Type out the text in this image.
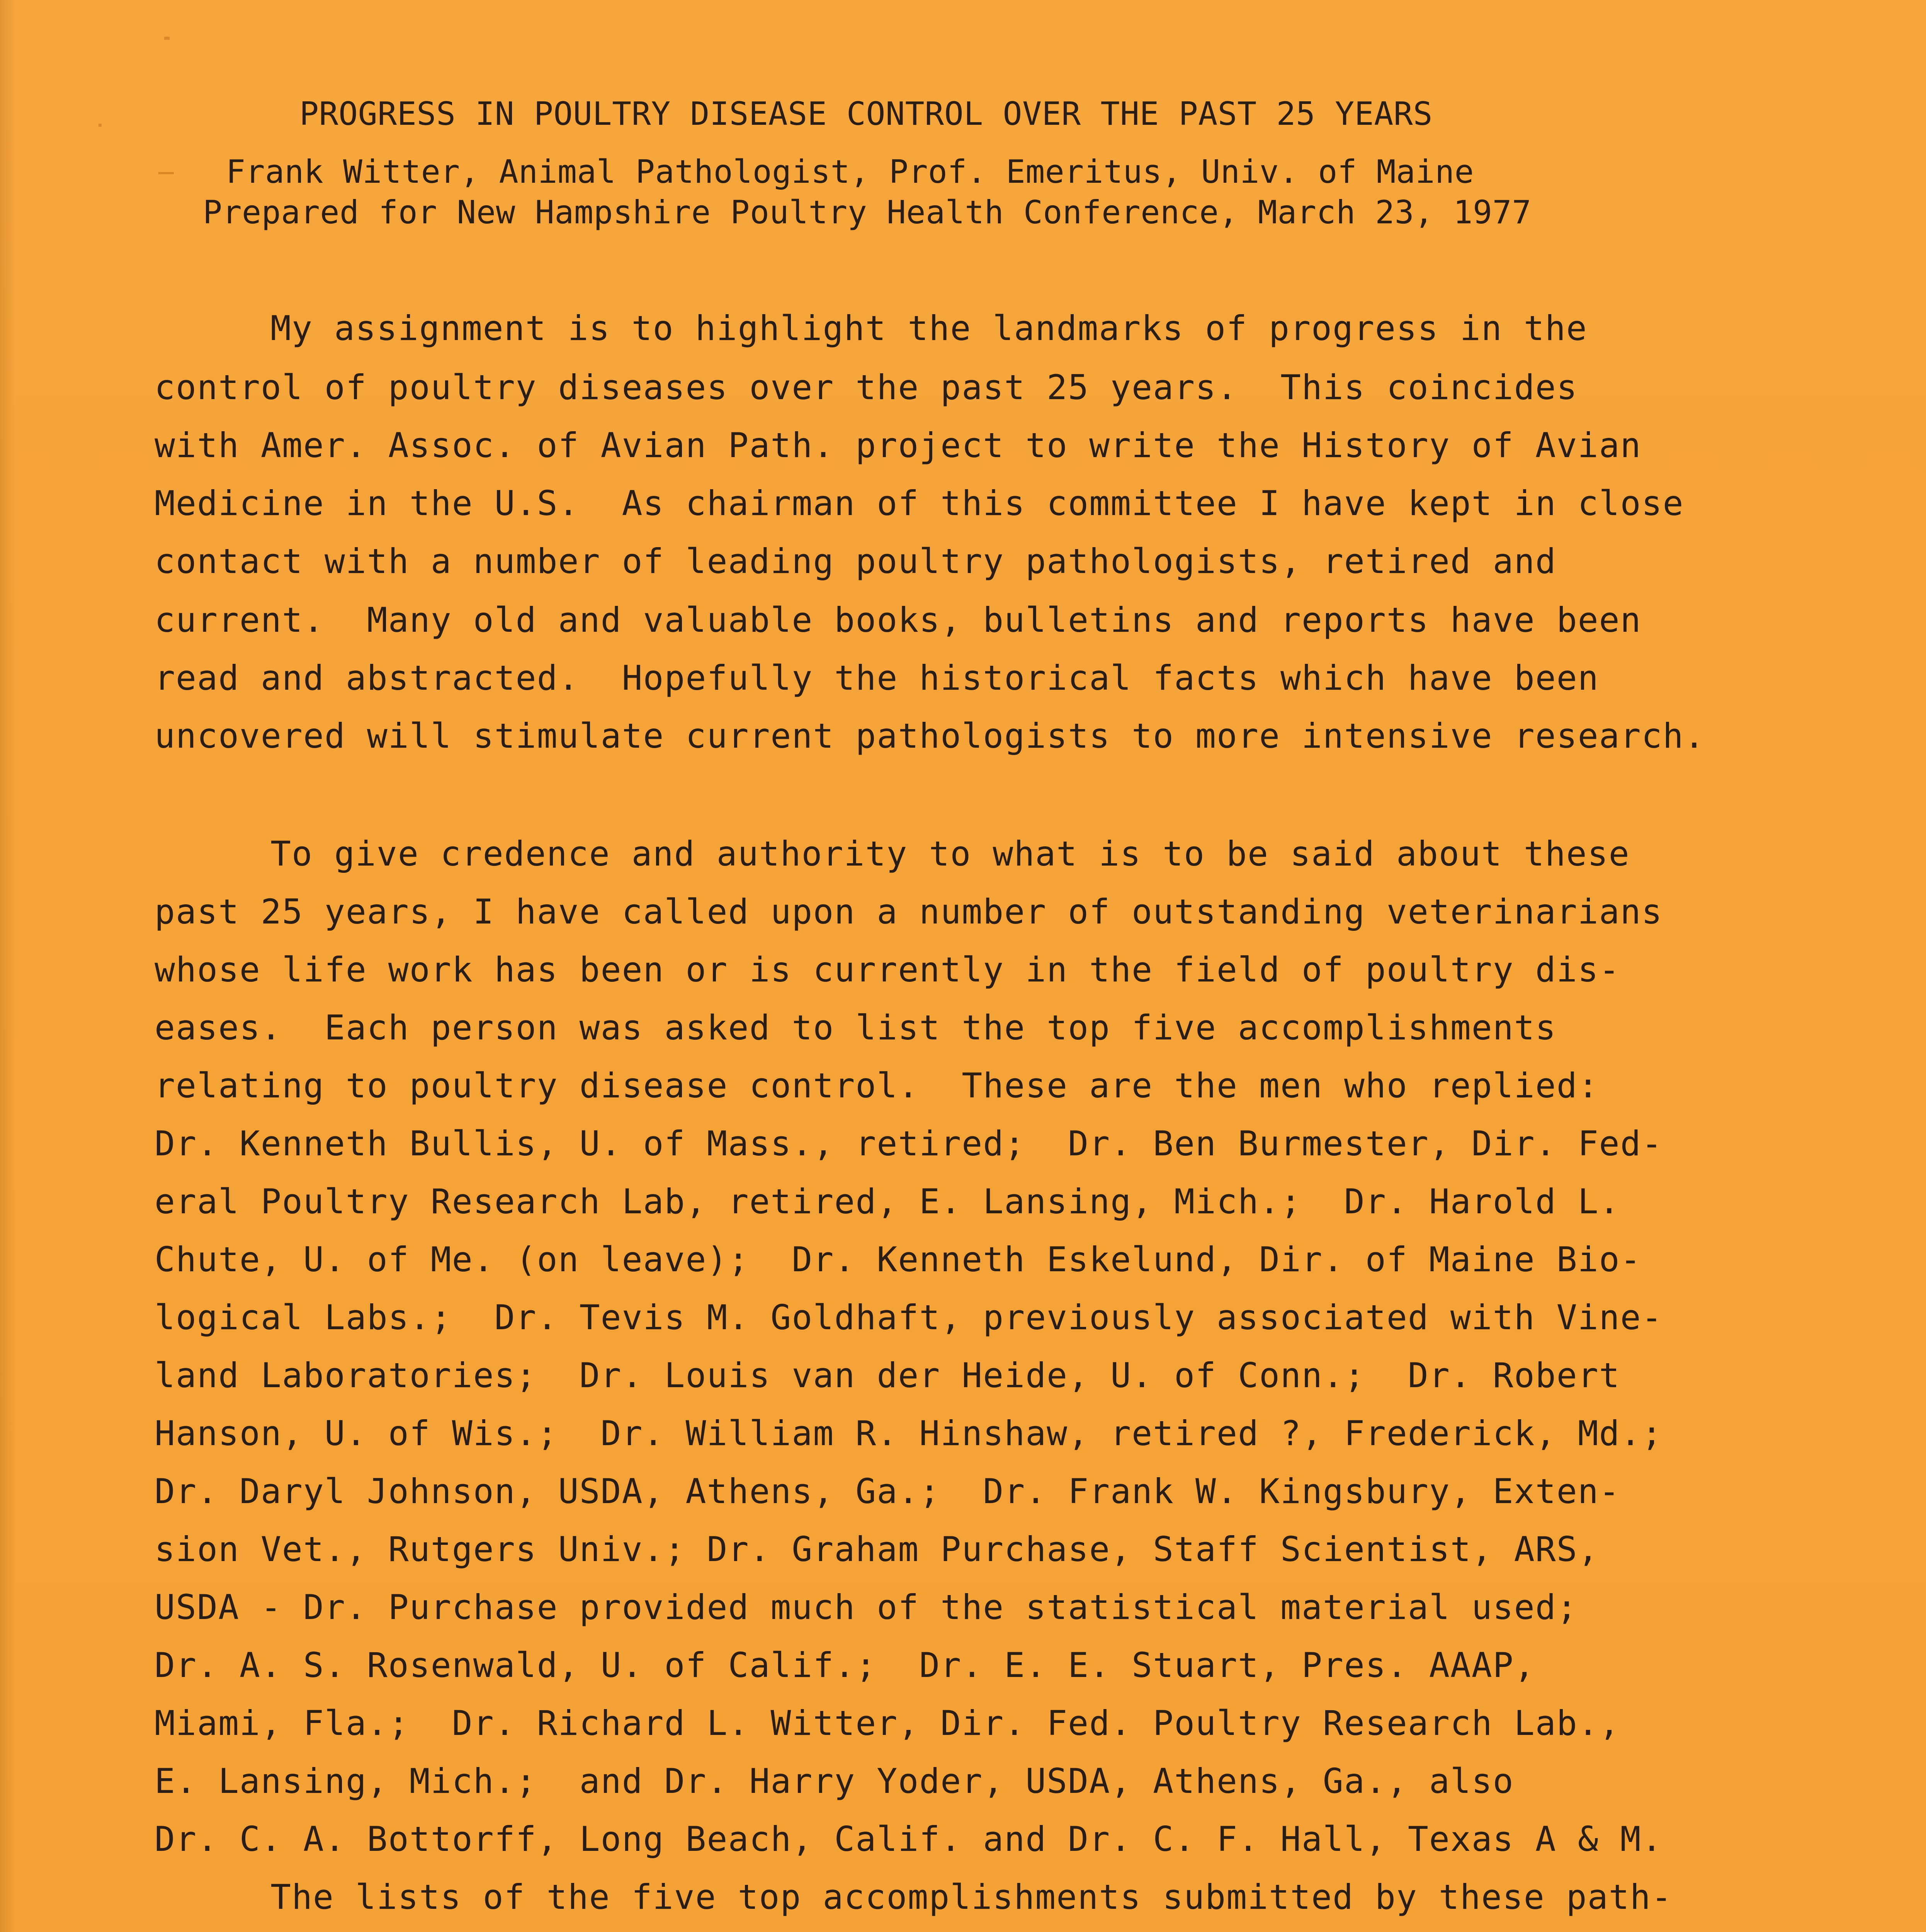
PROGRESS IN POULTRY DISEASE CONTROL OVER THE PAST 25 YEARS
Frank Witter, Animal Pathologist, Prof. Emeritus, Univ. of Maine
Prepared for New Hampshire Poultry Health Conference, March 23, 1977
My assignment is to highlight the landmarks of progress in the
control of poultry diseases over the past 25 years.  This coincides
with Amer. Assoc. of Avian Path. project to write the History of Avian
Medicine in the U.S.  As chairman of this committee I have kept in close
contact with a number of leading poultry pathologists, retired and
current.  Many old and valuable books, bulletins and reports have been
read and abstracted.  Hopefully the historical facts which have been
uncovered will stimulate current pathologists to more intensive research.
To give credence and authority to what is to be said about these
past 25 years, I have called upon a number of outstanding veterinarians
whose life work has been or is currently in the field of poultry dis-
eases.  Each person was asked to list the top five accomplishments
relating to poultry disease control.  These are the men who replied:
Dr. Kenneth Bullis, U. of Mass., retired;  Dr. Ben Burmester, Dir. Fed-
eral Poultry Research Lab, retired, E. Lansing, Mich.;  Dr. Harold L.
Chute, U. of Me. (on leave);  Dr. Kenneth Eskelund, Dir. of Maine Bio-
logical Labs.;  Dr. Tevis M. Goldhaft, previously associated with Vine-
land Laboratories;  Dr. Louis van der Heide, U. of Conn.;  Dr. Robert
Hanson, U. of Wis.;  Dr. William R. Hinshaw, retired ?, Frederick, Md.;
Dr. Daryl Johnson, USDA, Athens, Ga.;  Dr. Frank W. Kingsbury, Exten-
sion Vet., Rutgers Univ.; Dr. Graham Purchase, Staff Scientist, ARS,
USDA - Dr. Purchase provided much of the statistical material used;
Dr. A. S. Rosenwald, U. of Calif.;  Dr. E. E. Stuart, Pres. AAAP,
Miami, Fla.;  Dr. Richard L. Witter, Dir. Fed. Poultry Research Lab.,
E. Lansing, Mich.;  and Dr. Harry Yoder, USDA, Athens, Ga., also
Dr. C. A. Bottorff, Long Beach, Calif. and Dr. C. F. Hall, Texas A & M.
The lists of the five top accomplishments submitted by these path-
